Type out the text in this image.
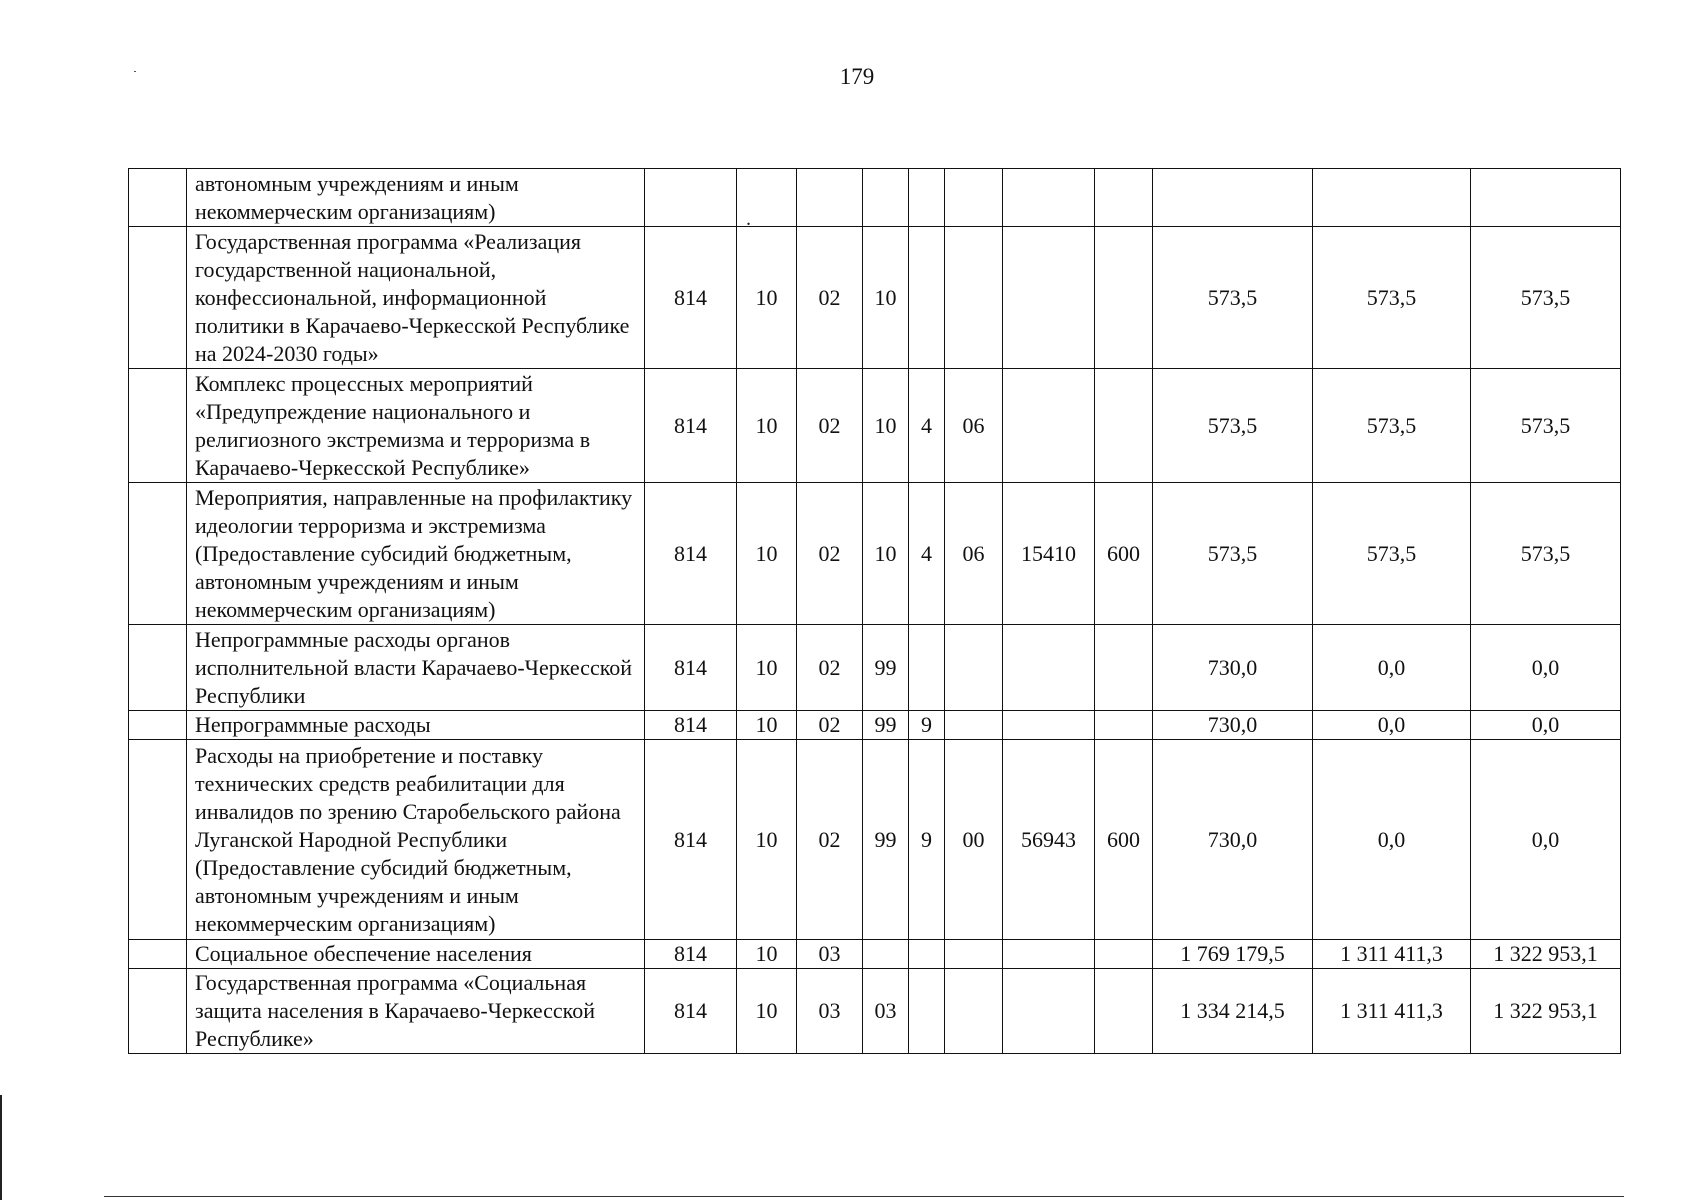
179
	автономным учреждениям и иным некоммерческим организациям)											
	Государственная программа «Реализация государственной национальной, конфессиональной, информационной политики в Карачаево-Черкесской Республике на 2024-2030 годы»	814	10	02	10					573,5	573,5	573,5
	Комплекс процессных мероприятий «Предупреждение национального и религиозного экстремизма и терроризма в Карачаево-Черкесской Республике»	814	10	02	10	4	06			573,5	573,5	573,5
	Мероприятия, направленные на профилактику идеологии терроризма и экстремизма (Предоставление субсидий бюджетным, автономным учреждениям и иным некоммерческим организациям)	814	10	02	10	4	06	15410	600	573,5	573,5	573,5
	Непрограммные расходы органов исполнительной власти Карачаево-Черкесской Республики	814	10	02	99					730,0	0,0	0,0
	Непрограммные расходы	814	10	02	99	9				730,0	0,0	0,0
	Расходы на приобретение и поставку технических средств реабилитации для инвалидов по зрению Старобельского района Луганской Народной Республики (Предоставление субсидий бюджетным, автономным учреждениям и иным некоммерческим организациям)	814	10	02	99	9	00	56943	600	730,0	0,0	0,0
	Социальное обеспечение населения	814	10	03						1 769 179,5	1 311 411,3	1 322 953,1
	Государственная программа «Социальная защита населения в Карачаево-Черкесской Республике»	814	10	03	03					1 334 214,5	1 311 411,3	1 322 953,1
.
